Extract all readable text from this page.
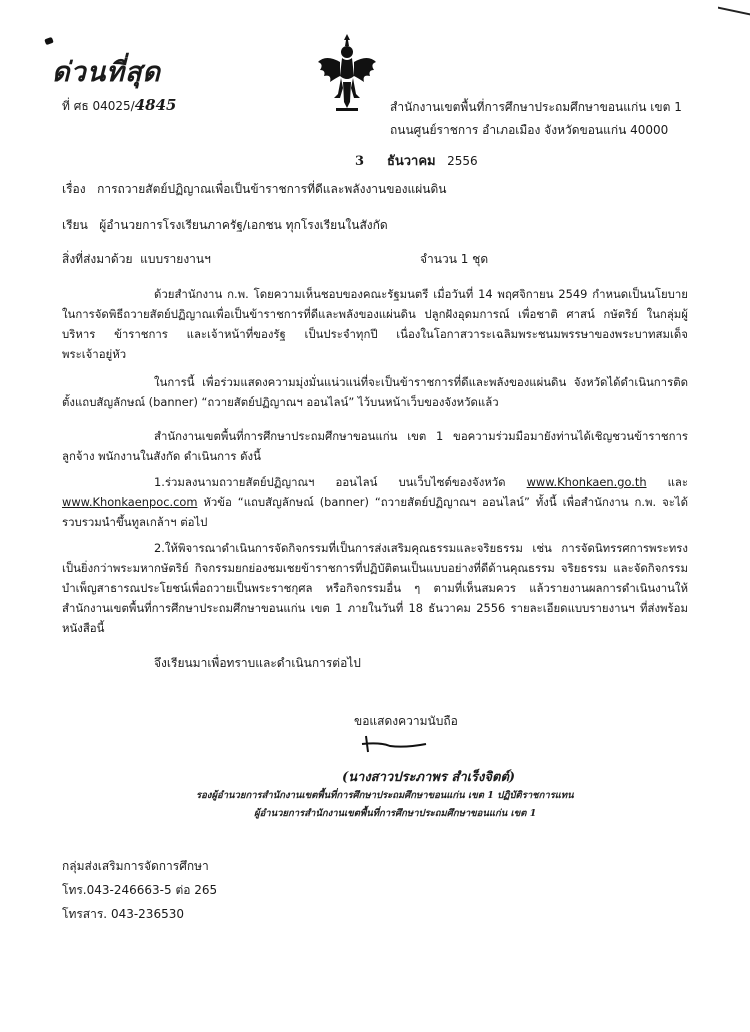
ด่วนที่สุด
ที่ ศธ 04025/4845	สำนักงานเขตพื้นที่การศึกษาประถมศึกษาขอนแก่น เขต 1
ถนนศูนย์ราชการ อำเภอเมือง จังหวัดขอนแก่น 40000
3 ธันวาคม 2556
เรื่อง การถวายสัตย์ปฏิญาณเพื่อเป็นข้าราชการที่ดีและพลังงานของแผ่นดิน
เรียน ผู้อำนวยการโรงเรียนภาครัฐ/เอกชน ทุกโรงเรียนในสังกัด
สิ่งที่ส่งมาด้วย แบบรายงานฯ	จำนวน 1 ชุด
ด้วยสำนักงาน ก.พ. โดยความเห็นชอบของคณะรัฐมนตรี เมื่อวันที่ 14 พฤศจิกายน 2549 กำหนดเป็นนโยบายในการจัดพิธีถวายสัตย์ปฏิญาณเพื่อเป็นข้าราชการที่ดีและพลังของแผ่นดิน ปลูกฝังอุดมการณ์ เพื่อชาติ ศาสน์ กษัตริย์ ในกลุ่มผู้บริหาร ข้าราชการ และเจ้าหน้าที่ของรัฐ เป็นประจำทุกปี เนื่องในโอกาสวาระเฉลิมพระชนมพรรษาของพระบาทสมเด็จพระเจ้าอยู่หัว
ในการนี้ เพื่อร่วมแสดงความมุ่งมั่นแน่วแน่ที่จะเป็นข้าราชการที่ดีและพลังของแผ่นดิน จังหวัดได้ดำเนินการติดตั้งแถบสัญลักษณ์ (banner) “ถวายสัตย์ปฏิญาณฯ ออนไลน์” ไว้บนหน้าเว็บของจังหวัดแล้ว
สำนักงานเขตพื้นที่การศึกษาประถมศึกษาขอนแก่น เขต 1 ขอความร่วมมือมายังท่านได้เชิญชวนข้าราชการ ลูกจ้าง พนักงานในสังกัด ดำเนินการ ดังนี้
1.ร่วมลงนามถวายสัตย์ปฏิญาณฯ ออนไลน์ บนเว็บไซต์ของจังหวัด www.Khonkaen.go.th และ www.Khonkaenpoc.com หัวข้อ “แถบสัญลักษณ์ (banner) “ถวายสัตย์ปฏิญาณฯ ออนไลน์” ทั้งนี้ เพื่อสำนักงาน ก.พ. จะได้รวบรวมนำขึ้นทูลเกล้าฯ ต่อไป
2.ให้พิจารณาดำเนินการจัดกิจกรรมที่เป็นการส่งเสริมคุณธรรมและจริยธรรม เช่น การจัดนิทรรศการพระทรงเป็นยิ่งกว่าพระมหากษัตริย์ กิจกรรมยกย่องชมเชยข้าราชการที่ปฏิบัติตนเป็นแบบอย่างที่ดีด้านคุณธรรม จริยธรรม และจัดกิจกรรมบำเพ็ญสาธารณประโยชน์เพื่อถวายเป็นพระราชกุศล หรือกิจกรรมอื่น ๆ ตามที่เห็นสมควร แล้วรายงานผลการดำเนินงานให้สำนักงานเขตพื้นที่การศึกษาประถมศึกษาขอนแก่น เขต 1 ภายในวันที่ 18 ธันวาคม 2556 รายละเอียดแบบรายงานฯ ที่ส่งพร้อมหนังสือนี้
จึงเรียนมาเพื่อทราบและดำเนินการต่อไป
ขอแสดงความนับถือ
(นางสาวประภาพร สำเร็งจิตต์)
รองผู้อำนวยการสำนักงานเขตพื้นที่การศึกษาประถมศึกษาขอนแก่น เขต 1 ปฏิบัติราชการแทน
ผู้อำนวยการสำนักงานเขตพื้นที่การศึกษาประถมศึกษาขอนแก่น เขต 1
กลุ่มส่งเสริมการจัดการศึกษา
โทร.043-246663-5 ต่อ 265
โทรสาร. 043-236530
